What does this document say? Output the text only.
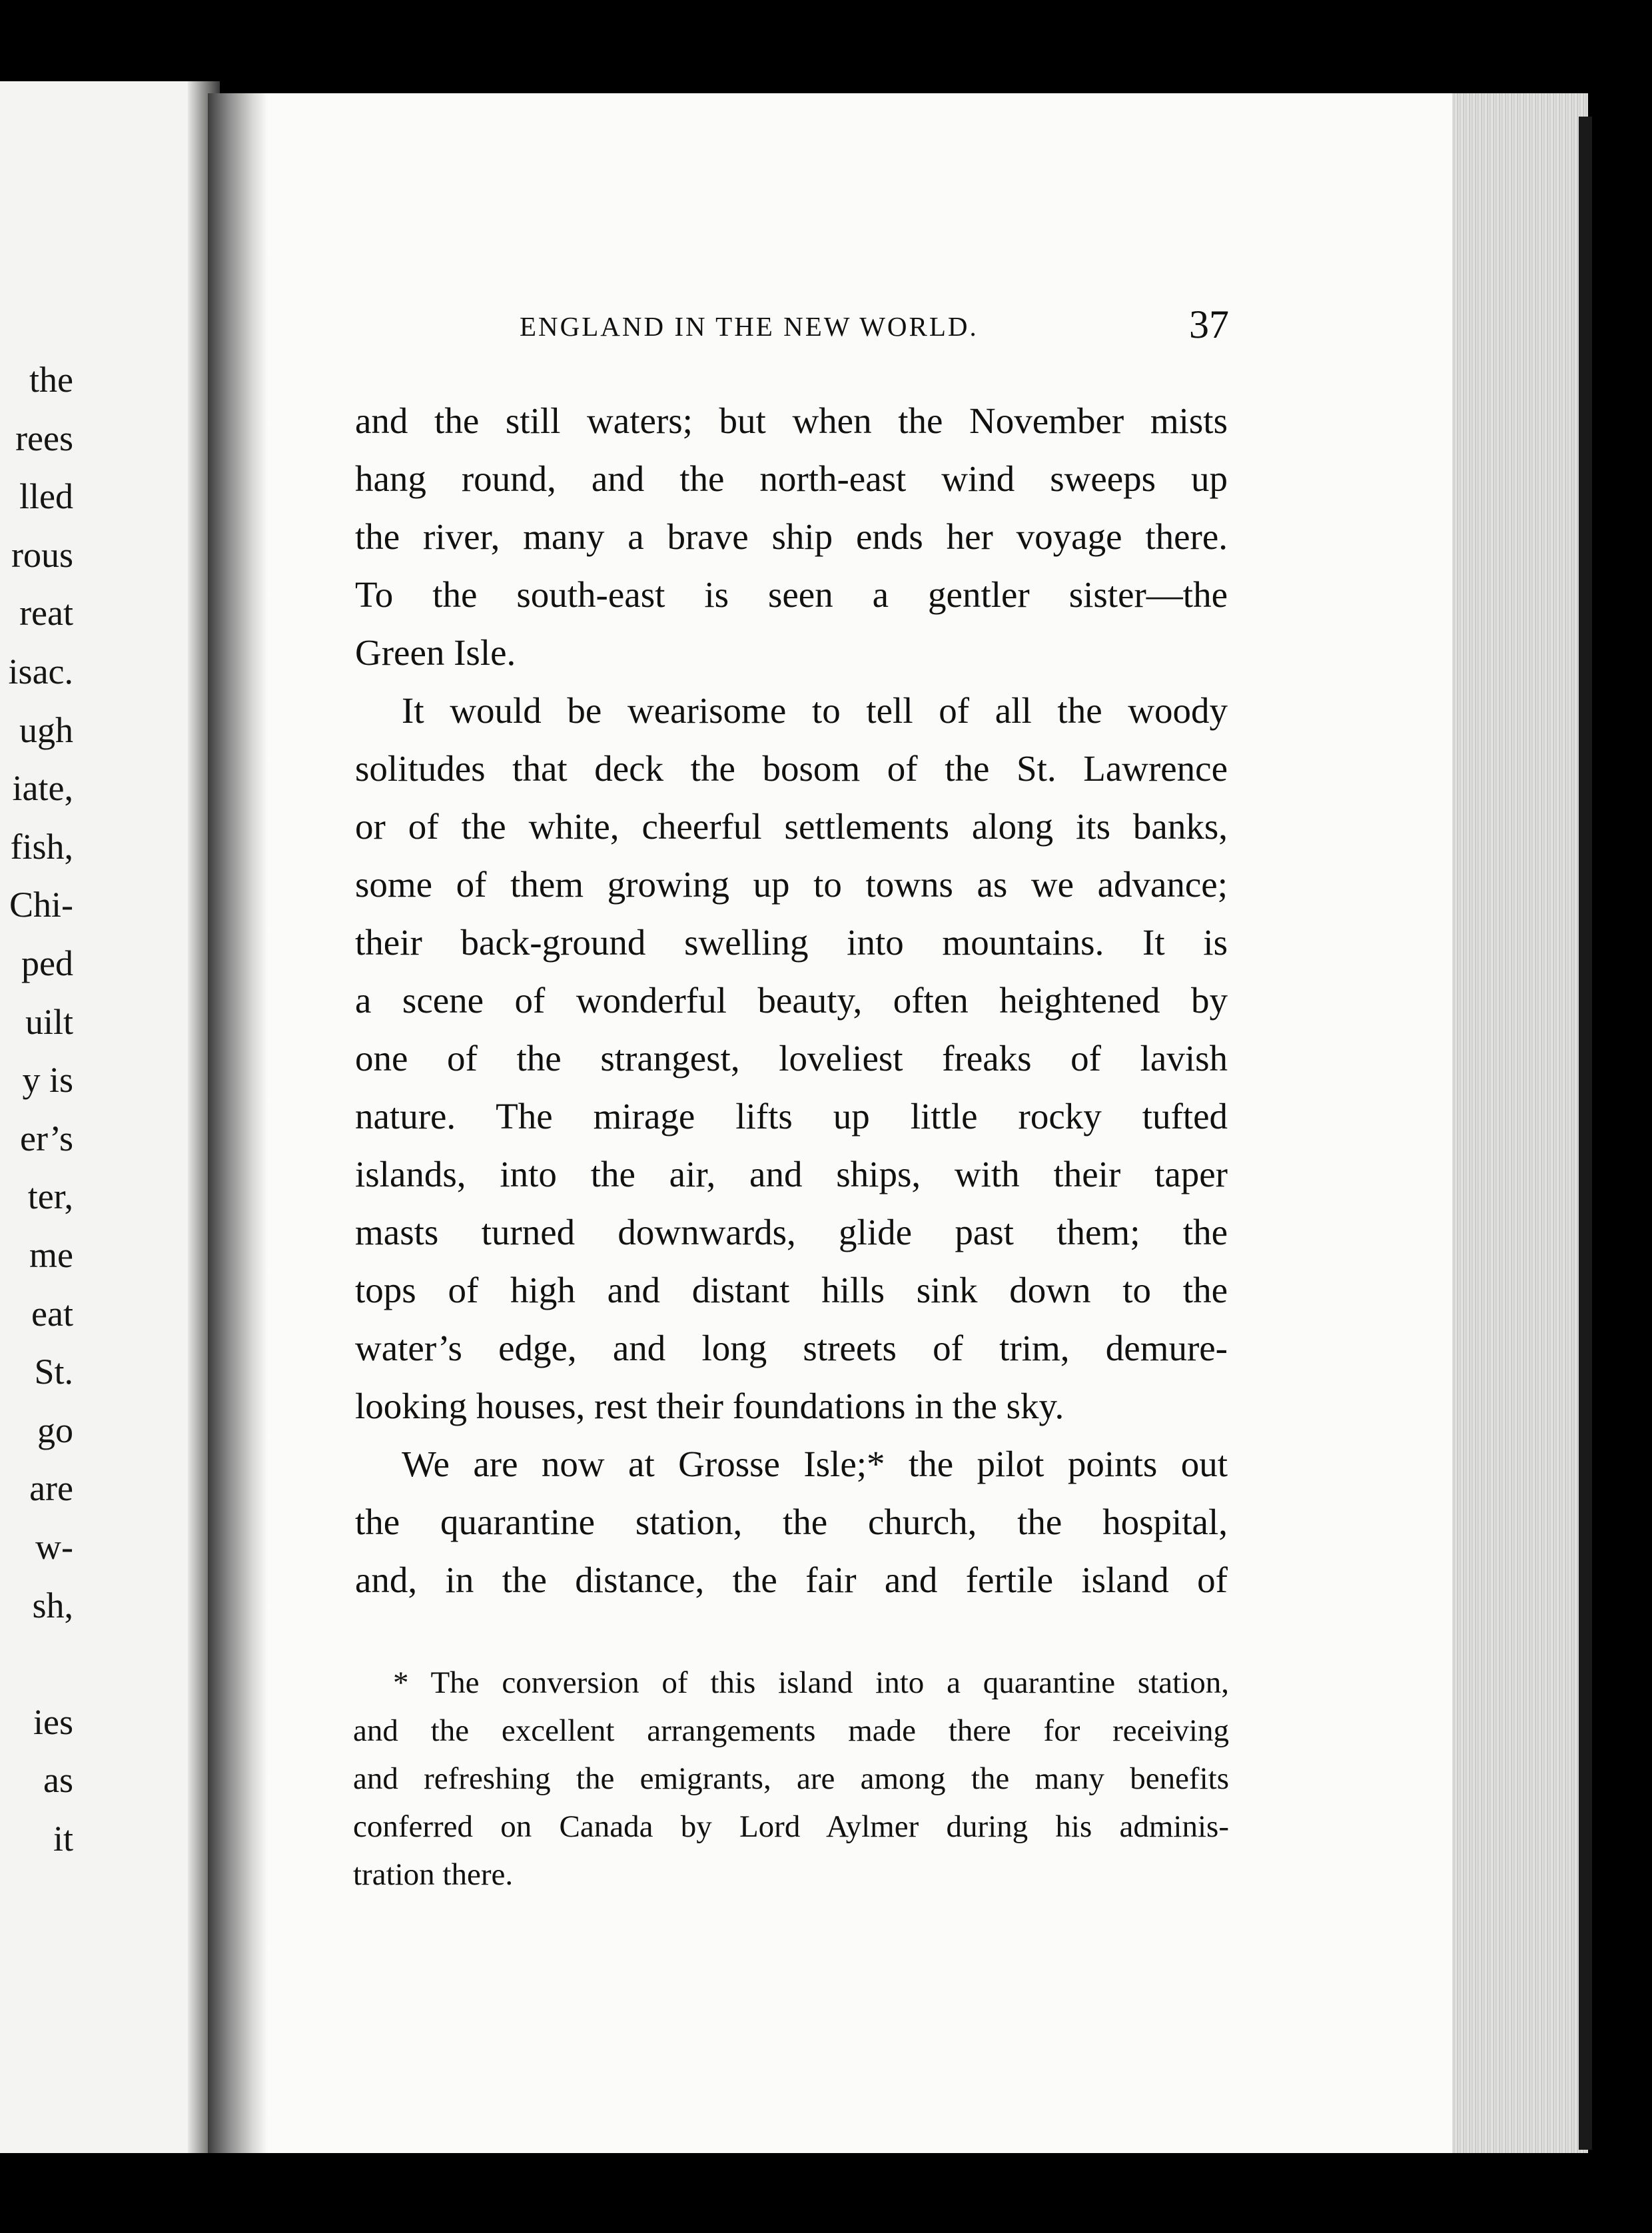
the
rees
lled
rous
reat
isac.
ugh
iate,
fish,
Chi-
ped
uilt
y is
er’s
ter,
me
eat
St.
go
are
w-
sh,
ies
as
it
ENGLAND IN THE NEW WORLD.	37
and the still waters; but when the November mists
hang round, and the north-east wind sweeps up
the river, many a brave ship ends her voyage there.
To the south-east is seen a gentler sister—the
Green Isle.
It would be wearisome to tell of all the woody
solitudes that deck the bosom of the St. Lawrence
or of the white, cheerful settlements along its banks,
some of them growing up to towns as we advance;
their back-ground swelling into mountains. It is
a scene of wonderful beauty, often heightened by
one of the strangest, loveliest freaks of lavish
nature. The mirage lifts up little rocky tufted
islands, into the air, and ships, with their taper
masts turned downwards, glide past them; the
tops of high and distant hills sink down to the
water’s edge, and long streets of trim, demure-
looking houses, rest their foundations in the sky.
We are now at Grosse Isle;* the pilot points out
the quarantine station, the church, the hospital,
and, in the distance, the fair and fertile island of
* The conversion of this island into a quarantine station,
and the excellent arrangements made there for receiving
and refreshing the emigrants, are among the many benefits
conferred on Canada by Lord Aylmer during his adminis-
tration there.
